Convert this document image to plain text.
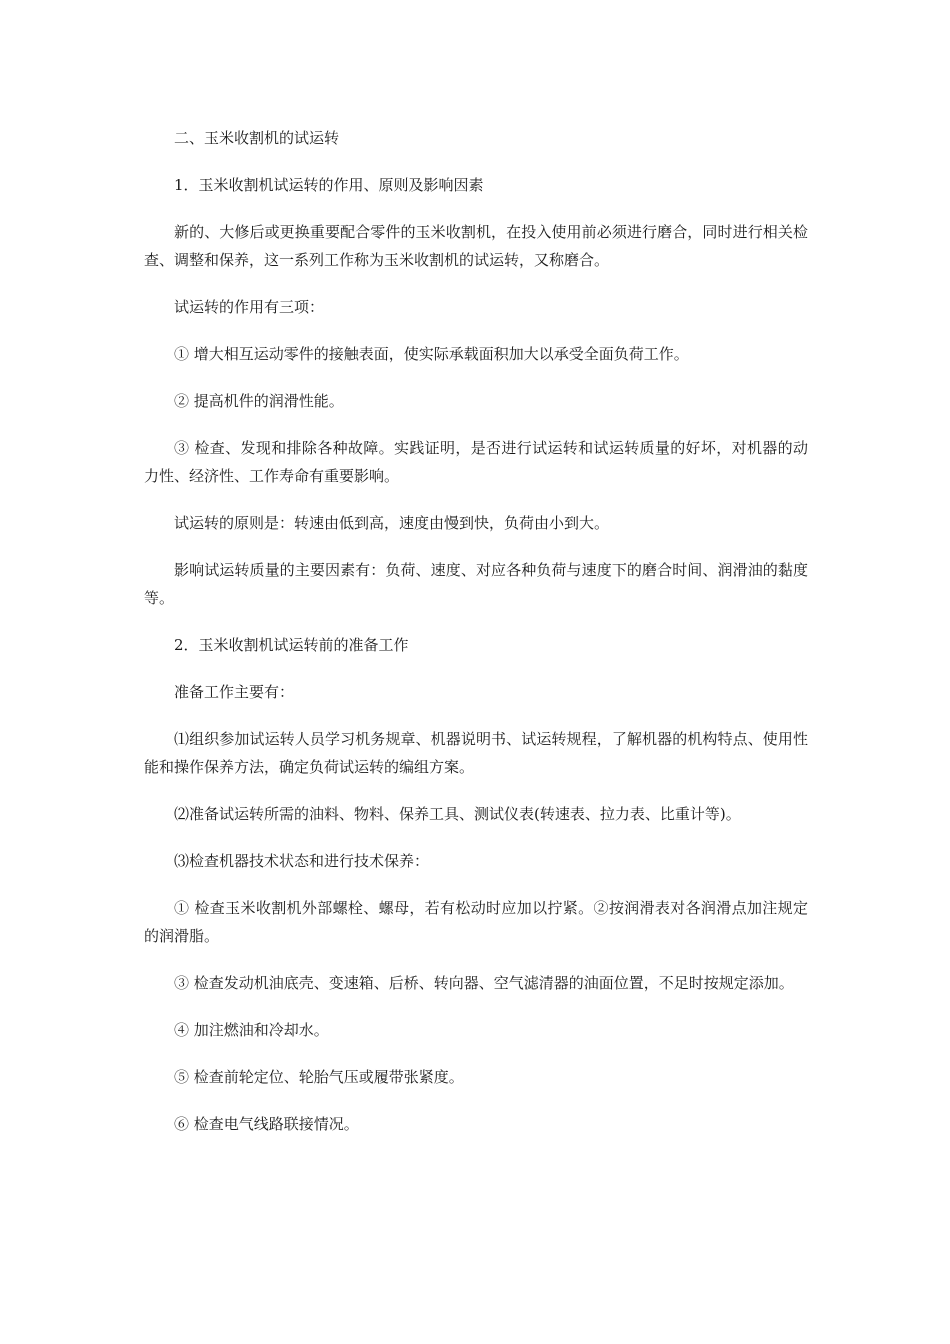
二、玉米收割机的试运转

1．玉米收割机试运转的作用、原则及影响因素

新的、大修后或更换重要配合零件的玉米收割机，在投入使用前必须进行磨合，同时进行相关检查、调整和保养，这一系列工作称为玉米收割机的试运转，又称磨合。

试运转的作用有三项：

① 增大相互运动零件的接触表面，使实际承载面积加大以承受全面负荷工作。

② 提高机件的润滑性能。

③ 检查、发现和排除各种故障。实践证明，是否进行试运转和试运转质量的好坏，对机器的动力性、经济性、工作寿命有重要影响。

试运转的原则是：转速由低到高，速度由慢到快，负荷由小到大。

影响试运转质量的主要因素有：负荷、速度、对应各种负荷与速度下的磨合时间、润滑油的黏度等。

2．玉米收割机试运转前的准备工作

准备工作主要有：

⑴组织参加试运转人员学习机务规章、机器说明书、试运转规程，了解机器的机构特点、使用性能和操作保养方法，确定负荷试运转的编组方案。

⑵准备试运转所需的油料、物料、保养工具、测试仪表(转速表、拉力表、比重计等)。

⑶检查机器技术状态和进行技术保养：

① 检查玉米收割机外部螺栓、螺母，若有松动时应加以拧紧。②按润滑表对各润滑点加注规定的润滑脂。

③ 检查发动机油底壳、变速箱、后桥、转向器、空气滤清器的油面位置，不足时按规定添加。

④ 加注燃油和冷却水。

⑤ 检查前轮定位、轮胎气压或履带张紧度。

⑥ 检查电气线路联接情况。
